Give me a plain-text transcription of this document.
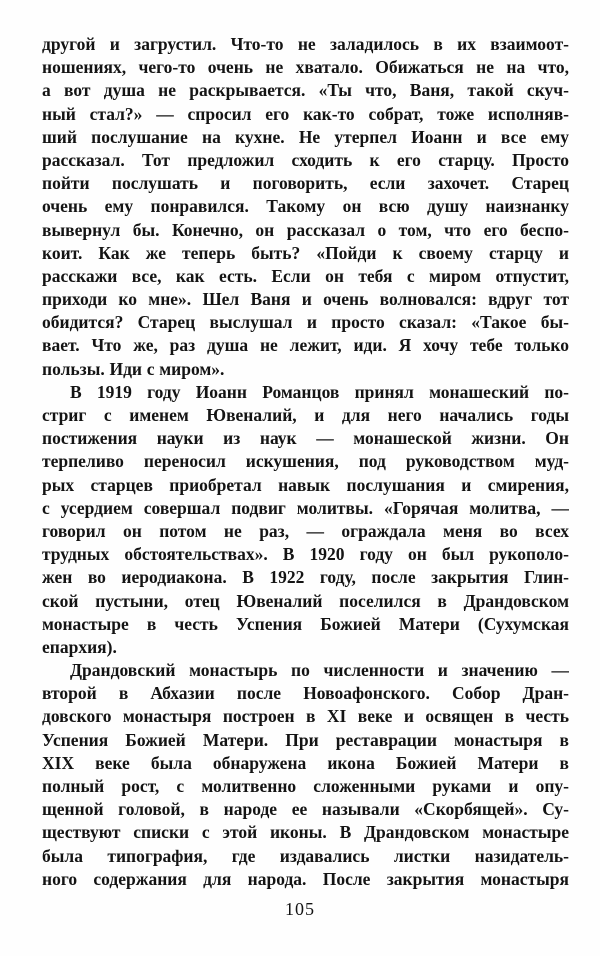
другой и загрустил. Что-то не заладилось в их взаимоот-
ношениях, чего-то очень не хватало. Обижаться не на что,
а вот душа не раскрывается. «Ты что, Ваня, такой скуч-
ный стал?» — спросил его как-то собрат, тоже исполняв-
ший послушание на кухне. Не утерпел Иоанн и все ему
рассказал. Тот предложил сходить к его старцу. Просто
пойти послушать и поговорить, если захочет. Старец
очень ему понравился. Такому он всю душу наизнанку
вывернул бы. Конечно, он рассказал о том, что его беспо-
коит. Как же теперь быть? «Пойди к своему старцу и
расскажи все, как есть. Если он тебя с миром отпустит,
приходи ко мне». Шел Ваня и очень волновался: вдруг тот
обидится? Старец выслушал и просто сказал: «Такое бы-
вает. Что же, раз душа не лежит, иди. Я хочу тебе только
пользы. Иди с миром».
В 1919 году Иоанн Романцов принял монашеский по-
стриг с именем Ювеналий, и для него начались годы
постижения науки из наук — монашеской жизни. Он
терпеливо переносил искушения, под руководством муд-
рых старцев приобретал навык послушания и смирения,
с усердием совершал подвиг молитвы. «Горячая молитва, —
говорил он потом не раз, — ограждала меня во всех
трудных обстоятельствах». В 1920 году он был рукополо-
жен во иеродиакона. В 1922 году, после закрытия Глин-
ской пустыни, отец Ювеналий поселился в Драндовском
монастыре в честь Успения Божией Матери (Сухумская
епархия).
Драндовский монастырь по численности и значению —
второй в Абхазии после Новоафонского. Собор Дран-
довского монастыря построен в XI веке и освящен в честь
Успения Божией Матери. При реставрации монастыря в
XIX веке была обнаружена икона Божией Матери в
полный рост, с молитвенно сложенными руками и опу-
щенной головой, в народе ее называли «Скорбящей». Су-
ществуют списки с этой иконы. В Драндовском монастыре
была типография, где издавались листки назидатель-
ного содержания для народа. После закрытия монастыря
105
